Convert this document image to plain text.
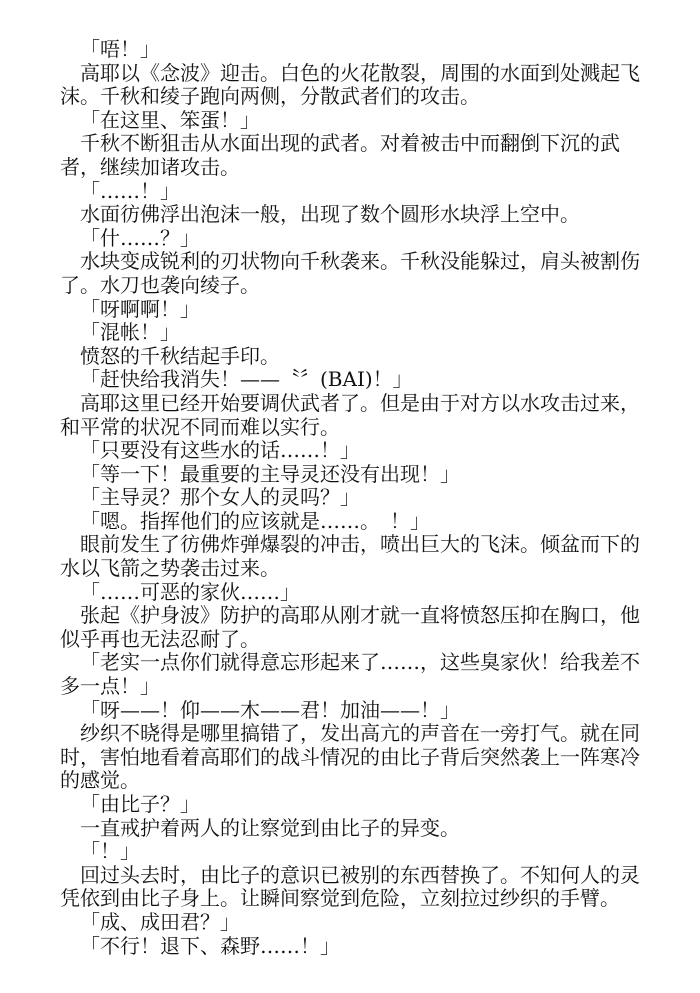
「唔！」

高耶以《念波》迎击。白色的火花散裂，周围的水面到处溅起飞沫。千秋和绫子跑向两侧，分散武者们的攻击。

「在这里、笨蛋！」

千秋不断狙击从水面出现的武者。对着被击中而翻倒下沉的武者，继续加诸攻击。

「……！」

水面彷佛浮出泡沫一般，出现了数个圆形水块浮上空中。

「什……？」

水块变成锐利的刃状物向千秋袭来。千秋没能躲过，肩头被割伤了。水刀也袭向绫子。

「呀啊啊！」

「混帐！」

愤怒的千秋结起手印。

「赶快给我消失！——〝〞(BAI)！」

高耶这里已经开始要调伏武者了。但是由于对方以水攻击过来，和平常的状况不同而难以实行。

「只要没有这些水的话……！」

「等一下！最重要的主导灵还没有出现！」

「主导灵？那个女人的灵吗？」

「嗯。指挥他们的应该就是……。　！」

眼前发生了彷佛炸弹爆裂的冲击，喷出巨大的飞沫。倾盆而下的水以飞箭之势袭击过来。

「……可恶的家伙……」

张起《护身波》防护的高耶从刚才就一直将愤怒压抑在胸口，他似乎再也无法忍耐了。

「老实一点你们就得意忘形起来了……，这些臭家伙！给我差不多一点！」

「呀——！仰——木——君！加油——！」

纱织不晓得是哪里搞错了，发出高亢的声音在一旁打气。就在同时，害怕地看着高耶们的战斗情况的由比子背后突然袭上一阵寒冷的感觉。

「由比子？」

一直戒护着两人的让察觉到由比子的异变。

「！」

回过头去时，由比子的意识已被别的东西替换了。不知何人的灵凭依到由比子身上。让瞬间察觉到危险，立刻拉过纱织的手臂。

「成、成田君？」

「不行！退下、森野……！」
